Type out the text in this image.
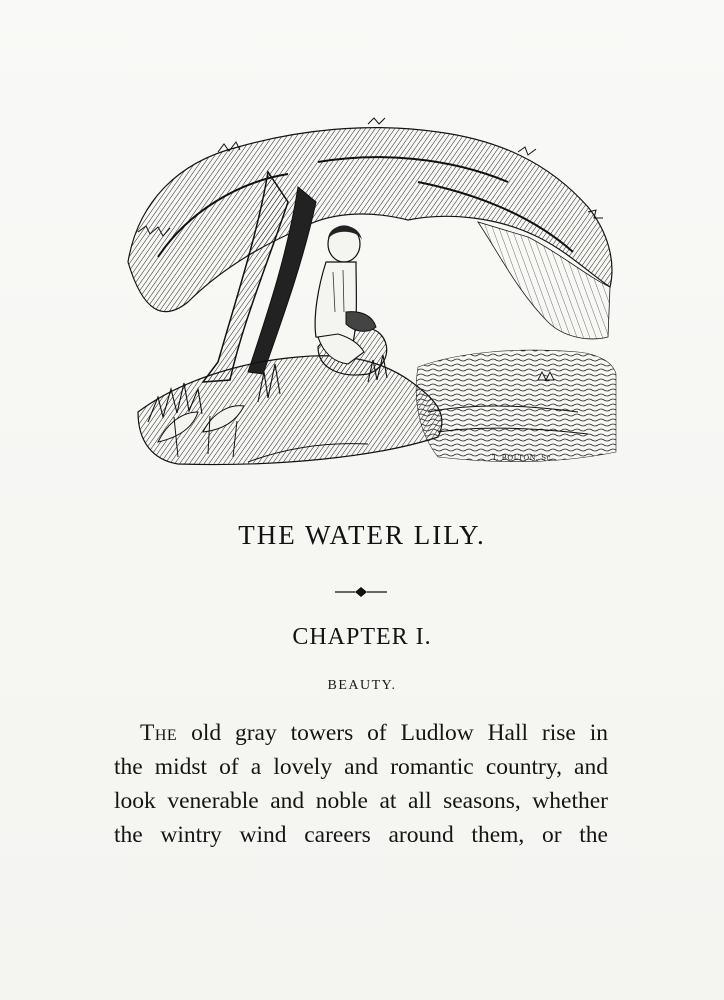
T. BOLTON. Sc.
THE WATER LILY.
CHAPTER I.
BEAUTY.
The old gray towers of Ludlow Hall rise in
the midst of a lovely and romantic country, and
look venerable and noble at all seasons, whether
the wintry wind careers around them, or the
